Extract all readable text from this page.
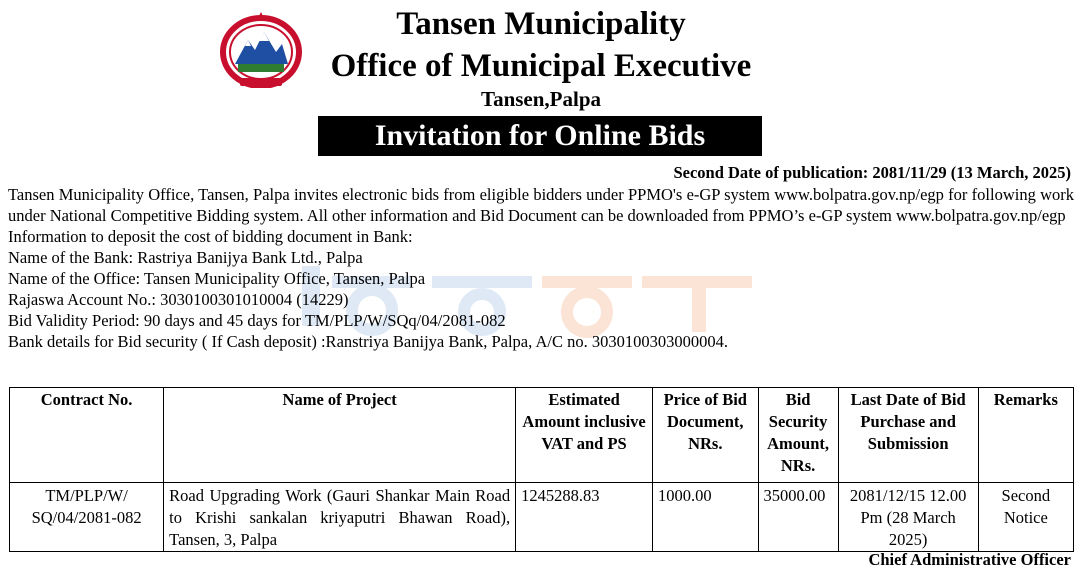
Tansen Municipality
Office of Municipal Executive
Tansen,Palpa
Invitation for Online Bids
Second Date of publication: 2081/11/29 (13 March, 2025)

Tansen Municipality Office, Tansen, Palpa invites electronic bids from eligible bidders under PPMO's e-GP system www.bolpatra.gov.np/egp for following work under National Competitive Bidding system. All other information and Bid Document can be downloaded from PPMO’s e-GP system www.bolpatra.gov.np/egp

Information to deposit the cost of bidding document in Bank:

Name of the Bank: Rastriya Banijya Bank Ltd., Palpa

Name of the Office: Tansen Municipality Office, Tansen, Palpa

Rajaswa Account No.: 3030100301010004 (14229)

Bid Validity Period: 90 days and 45 days for TM/PLP/W/SQq/04/2081-082

Bank details for Bid security ( If Cash deposit) :Ranstriya Banijya Bank, Palpa, A/C no. 3030100303000004.

Contract No.	Name of Project	Estimated Amount inclusive VAT and PS	Price of Bid Document, NRs.	Bid Security Amount, NRs.	Last Date of Bid Purchase and Submission	Remarks
TM/PLP/W/ SQ/04/2081-082	Road Upgrading Work (Gauri Shankar Main Road to Krishi sankalan kriyaputri Bhawan Road), Tansen, 3, Palpa	1245288.83	1000.00	35000.00	2081/12/15 12.00 Pm (28 March 2025)	Second Notice
Chief Administrative Officer
